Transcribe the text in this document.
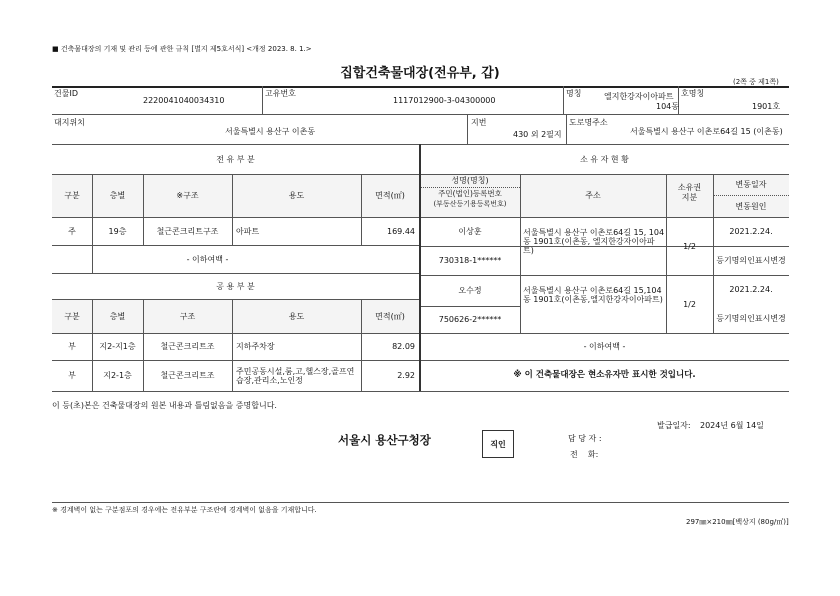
■ 건축물대장의 기재 및 관리 등에 관한 규칙 [별지 제5호서식] <개정 2023. 8. 1.>
집합건축물대장(전유부, 갑)
(2쪽 중 제1쪽)
건물ID
2220041040034310
고유번호
1117012900-3-04300000
명칭	엘지한강자이아파트
104동
호명칭
1901호
대지위치
서울특별시 용산구 이촌동
지번
430 외 2필지
도로명주소
서울특별시 용산구 이촌로64길 15 (이촌동)
전 유 부 분	소 유 자 현 황
공 용 부 분
구분	층별	※구조	용도	면적(㎡)
성명(명칭)
주민(법인)등록번호
(부동산등기용등록번호)
주소
소유권
지분
변동일자
변동원인
주	19층	철근콘크리트구조	아파트	169.44
- 이하여백 -
이상훈
730318-1******
서울특별시 용산구 이촌로64길 15, 104동 1901호(이촌동, 엘지한강자이아파트)	1/2
2021.2.24.
등기명의인표시변경
오수정
750626-2******
서울특별시 용산구 이촌로64길 15,104동 1901호(이촌동,엘지한강자이아파트)	1/2
2021.2.24.
등기명의인표시변경
- 이하여백 -
※ 이 건축물대장은 현소유자만 표시한 것입니다.
구분	층별	구조	용도	면적(㎡)
부	지2-지1층	철근콘크리트조	지하주차장	82.09
부	지2-1층	철근콘크리트조	주민공동시설,룸,고,헬스장,골프연습장,관리소,노인정	2.92
이 등(초)본은 건축물대장의 원본 내용과 틀림없음을 증명합니다.
발급일자: 2024년 6월 14일
서울시 용산구청장	직인
담 당 자 :
전    화:
※ 경계벽이 없는 구분점포의 경우에는 전유부분 구조란에 경계벽이 없음을 기재합니다.
297㎜×210㎜[백상지 (80g/㎡)]
